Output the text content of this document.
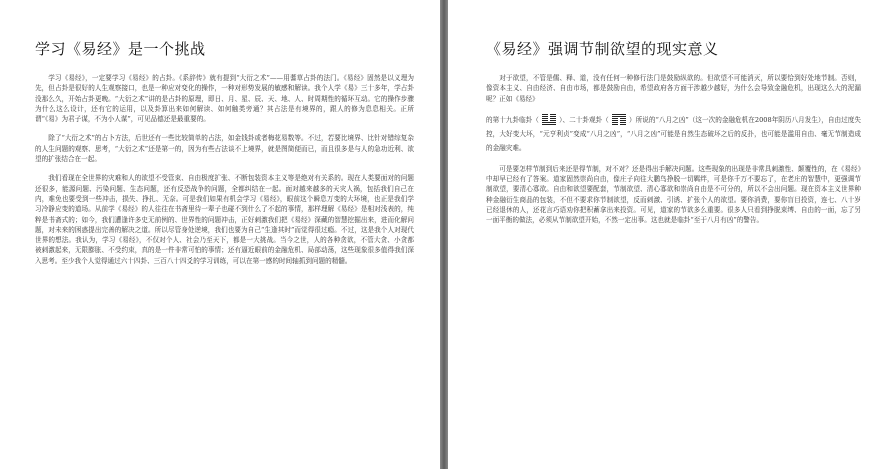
学习《易经》是一个挑战

学习《易经》，一定要学习《易经》的占卦。《系辞传》就有提到“大衍之术”——用蓍草占卦的法门。《易经》固然是以义理为先，但占卦是很好的人生观察接口，也是一种应对变化的操作，一种对形势发展的敏感和解读。我个人学《易》三十多年，学占卦没那么久，开始占卦更晚。“大衍之术”讲的是占卦的原理，即日、月、星、辰、天、地、人、时周期性的循环互动。它的操作步骤为什么这么设计，还有它的运用，以及卦算出来如何解读、如何触类旁通？其占法是有境界的，跟人的修为息息相关。正所谓“《易》为君子谋，不为小人谋”，可见品德还是最重要的。

除了“大衍之术”的占卜方法，后世还有一些比较简单的占法，如金钱卦或者梅花易数等。不过，若要比境界、比针对错综复杂的人生问题的观察、思考，“大衍之术”还是第一的，因为有些占法谈不上境界，就是图简便而已，而且很多是与人的急功近利、欲望的扩张结合在一起。

我们看现在全世界的灾难和人的欲望不受管束、自由极度扩张、不断包装资本主义等是绝对有关系的。现在人类要面对的问题还很多，能源问题、污染问题、生态问题，还有反恐战争的问题，全都纠结在一起。面对越来越多的天灾人祸，包括我们自己在内，难免也要受到一些冲击，损失、挣扎、无奈。可是我们如果有机会学习《易经》，眼前这个瞬息万变的大环境，也正是我们学习冷静应变的道场。从前学《易经》的人往往在书斋里待一辈子也碰不到什么了不起的事情，那样理解《易经》是相对浅表的，纯粹是书斋式的；如今，我们遭逢许多史无前例的、世界性的问题冲击，正好刺激我们把《易经》深藏的智慧挖掘出来，进而化解问题，对未来的困惑提出完善的解决之道。所以尽管身处逆境，我们也要为自己“生逢其时”而觉得很过瘾。不过，这是我个人对现代世界的想法。我认为，学习《易经》，不仅对个人、社会乃至天下，都是一大挑战。当今之世，人的各种贪欲，不管大贪、小贪都被刺激起来，无限膨胀、不受约束，真的是一件非常可怕的事情；还有逼近眼前的金融危机、局部动荡，这些现象很多值得我们深入思考。至少我个人觉得通过六十四卦、三百八十四爻的学习训练，可以在第一感的时间轴抓到问题的精髓。

《易经》强调节制欲望的现实意义

对于欲望，不管是儒、释、道，没有任何一种修行法门是鼓励纵欲的。但欲望不可能消灭，所以要恰到好处地节制。否则，像资本主义、自由经济、自由市场，都是鼓励自由，希望政府各方面干涉越少越好，为什么会导致金融危机，出现这么大的泥漏呢？正如《易经》

的第十九卦临卦（	）、二十卦观卦（	）所说的“八月之凶”（这一次的金融危机在2008年阴历八月发生），自由过度失控，大好变大坏，“元亨利贞”变成“八月之凶”，“八月之凶”可能是自然生态破坏之后的反扑，也可能是滥用自由、毫无节制造成的金融灾难。

可是要怎样节制到后来还是得节制，对不对？还是得出手解决问题。这些现象的出现是非常具刺激性、颠覆性的，在《易经》中却早已经有了答案。道家固然崇尚自由，像庄子向往大鹏鸟挣脱一切羁绊，可是你千万不要忘了，在老庄的智慧中，更强调节制欲望，要清心寡欲。自由和欲望要配套，节制欲望、清心寡欲和崇尚自由是不可分的，所以不会出问题。现在资本主义世界种种金融衍生商品的包装，不但不要求你节制欲望，反而刺激、引诱、扩张个人的欲望。要你消费，要你盲目投资，连七、八十岁已经退休的人，还花言巧语劝你把积蓄拿出来投资。可见，道家的节欲多么重要。很多人只看到挣脱束缚、自由的一面，忘了另一面平衡的做法，必须从节制欲望开始，不然一定出事。这也就是临卦“至于八月有凶”的警告。
